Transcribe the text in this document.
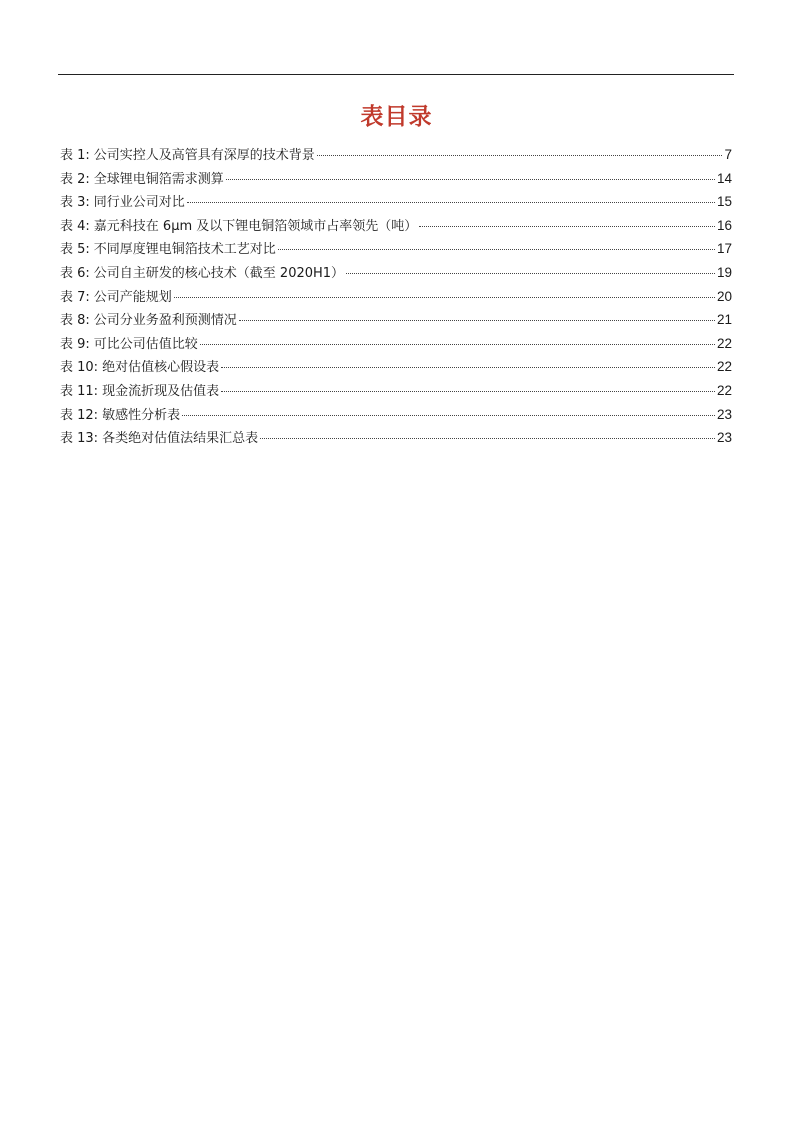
表目录
表 1: 公司实控人及高管具有深厚的技术背景	7
表 2: 全球锂电铜箔需求测算	14
表 3: 同行业公司对比	15
表 4: 嘉元科技在 6μm 及以下锂电铜箔领域市占率领先（吨）	16
表 5: 不同厚度锂电铜箔技术工艺对比	17
表 6: 公司自主研发的核心技术（截至 2020H1）	19
表 7: 公司产能规划	20
表 8: 公司分业务盈利预测情况	21
表 9: 可比公司估值比较	22
表 10: 绝对估值核心假设表	22
表 11: 现金流折现及估值表	22
表 12: 敏感性分析表	23
表 13: 各类绝对估值法结果汇总表	23
